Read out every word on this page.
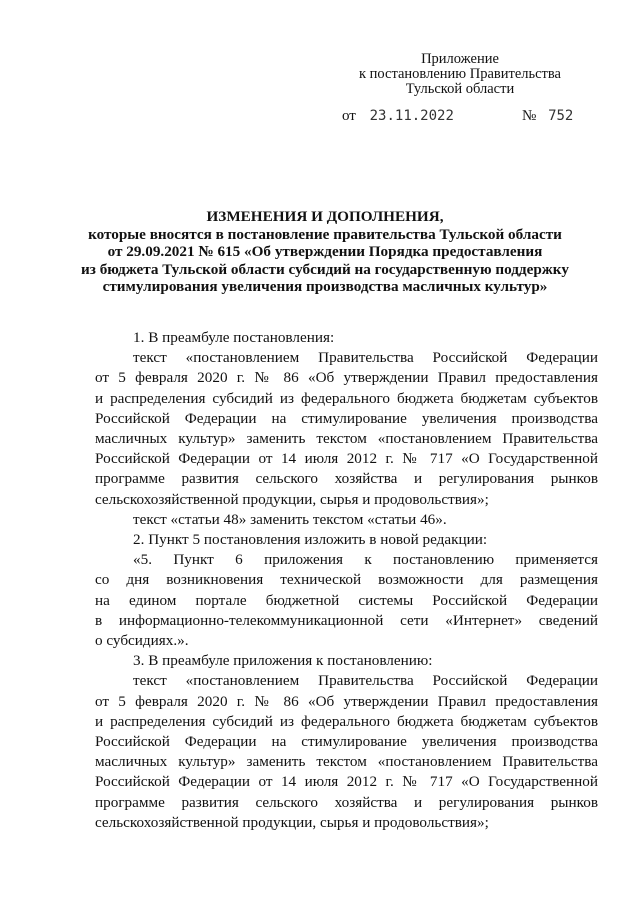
Приложение
к постановлению Правительства
Тульской области
от 23.11.2022	№ 752
ИЗМЕНЕНИЯ И ДОПОЛНЕНИЯ,
которые вносятся в постановление правительства Тульской области
от 29.09.2021 № 615 «Об утверждении Порядка предоставления
из бюджета Тульской области субсидий на государственную поддержку
стимулирования увеличения производства масличных культур»
1. В преамбуле постановления:
текст «постановлением Правительства Российской Федерации
от 5 февраля 2020 г. № 86 «Об утверждении Правил предоставления
и распределения субсидий из федерального бюджета бюджетам субъектов
Российской Федерации на стимулирование увеличения производства
масличных культур» заменить текстом «постановлением Правительства
Российской Федерации от 14 июля 2012 г. № 717 «О Государственной
программе развития сельского хозяйства и регулирования рынков
сельскохозяйственной продукции, сырья и продовольствия»;
текст «статьи 48» заменить текстом «статьи 46».
2. Пункт 5 постановления изложить в новой редакции:
«5. Пункт 6 приложения к постановлению применяется
со дня возникновения технической возможности для размещения
на едином портале бюджетной системы Российской Федерации
в информационно-телекоммуникационной сети «Интернет» сведений
о субсидиях.».
3. В преамбуле приложения к постановлению:
текст «постановлением Правительства Российской Федерации
от 5 февраля 2020 г. № 86 «Об утверждении Правил предоставления
и распределения субсидий из федерального бюджета бюджетам субъектов
Российской Федерации на стимулирование увеличения производства
масличных культур» заменить текстом «постановлением Правительства
Российской Федерации от 14 июля 2012 г. № 717 «О Государственной
программе развития сельского хозяйства и регулирования рынков
сельскохозяйственной продукции, сырья и продовольствия»;
